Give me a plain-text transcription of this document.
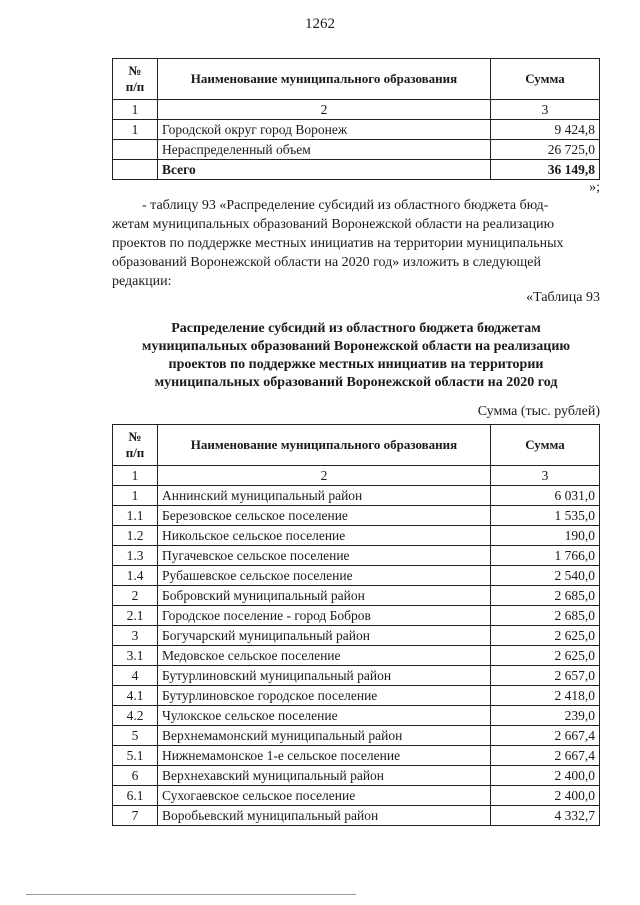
1262
№
п/п	Наименование муниципального образования	Сумма
1	2	3
1	Городской округ город Воронеж	9 424,8
	Нераспределенный объем	26 725,0
	Всего	36 149,8
»;
- таблицу 93 «Распределение субсидий из областного бюджета бюд-
жетам муниципальных образований Воронежской области на реализацию
проектов по поддержке местных инициатив на территории муниципальных
образований Воронежской области на 2020 год» изложить в следующей
редакции:
«Таблица 93
Распределение субсидий из областного бюджета бюджетам
муниципальных образований Воронежской области на реализацию
проектов по поддержке местных инициатив на территории
муниципальных образований Воронежской области на 2020 год
Сумма (тыс. рублей)
№
п/п	Наименование муниципального образования	Сумма
1	2	3
1	Аннинский муниципальный район	6 031,0
1.1	Березовское сельское поселение	1 535,0
1.2	Никольское сельское поселение	190,0
1.3	Пугачевское сельское поселение	1 766,0
1.4	Рубашевское сельское поселение	2 540,0
2	Бобровский муниципальный район	2 685,0
2.1	Городское поселение - город Бобров	2 685,0
3	Богучарский муниципальный район	2 625,0
3.1	Медовское сельское поселение	2 625,0
4	Бутурлиновский муниципальный район	2 657,0
4.1	Бутурлиновское городское поселение	2 418,0
4.2	Чулокское сельское поселение	239,0
5	Верхнемамонский муниципальный район	2 667,4
5.1	Нижнемамонское 1-е сельское поселение	2 667,4
6	Верхнехавский муниципальный район	2 400,0
6.1	Сухогаевское сельское поселение	2 400,0
7	Воробьевский муниципальный район	4 332,7
